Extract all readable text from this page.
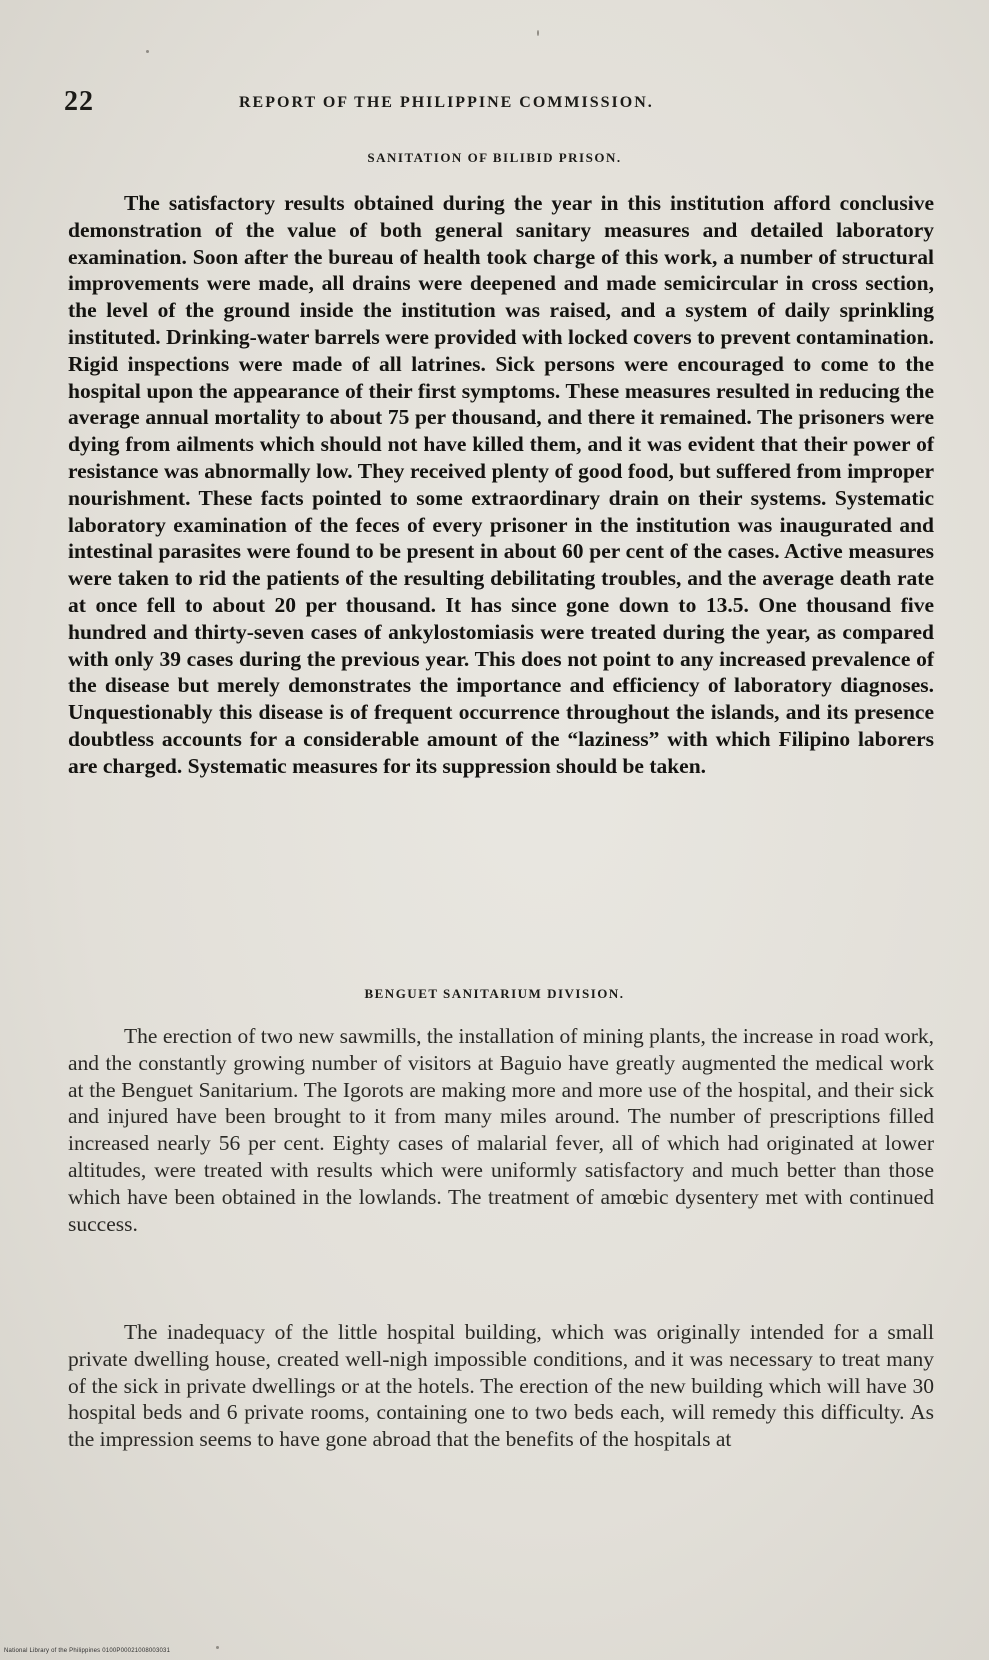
22	REPORT OF THE PHILIPPINE COMMISSION.
SANITATION OF BILIBID PRISON.

The satisfactory results obtained during the year in this institution afford conclusive demonstration of the value of both general sanitary measures and detailed laboratory examination. Soon after the bureau of health took charge of this work, a number of structural improvements were made, all drains were deepened and made semicircular in cross section, the level of the ground inside the institution was raised, and a system of daily sprinkling instituted. Drinking-water barrels were provided with locked covers to prevent contamination. Rigid inspections were made of all latrines. Sick persons were encouraged to come to the hospital upon the appearance of their first symptoms. These measures resulted in reducing the average annual mortality to about 75 per thousand, and there it remained. The prisoners were dying from ailments which should not have killed them, and it was evident that their power of resistance was abnormally low. They received plenty of good food, but suffered from improper nourishment. These facts pointed to some extraordinary drain on their systems. Systematic laboratory examination of the feces of every prisoner in the institution was inaugurated and intestinal parasites were found to be present in about 60 per cent of the cases. Active measures were taken to rid the patients of the resulting debilitating troubles, and the average death rate at once fell to about 20 per thousand. It has since gone down to 13.5. One thousand five hundred and thirty-seven cases of ankylostomiasis were treated during the year, as compared with only 39 cases during the previous year. This does not point to any increased prevalence of the disease but merely demonstrates the importance and efficiency of laboratory diagnoses. Unquestionably this disease is of frequent occurrence throughout the islands, and its presence doubtless accounts for a considerable amount of the “laziness” with which Filipino laborers are charged. Systematic measures for its suppression should be taken.

BENGUET SANITARIUM DIVISION.

The erection of two new sawmills, the installation of mining plants, the increase in road work, and the constantly growing number of visitors at Baguio have greatly augmented the medical work at the Benguet Sanitarium. The Igorots are making more and more use of the hospital, and their sick and injured have been brought to it from many miles around. The number of prescriptions filled increased nearly 56 per cent. Eighty cases of malarial fever, all of which had originated at lower altitudes, were treated with results which were uniformly satisfactory and much better than those which have been obtained in the lowlands. The treatment of amœbic dysentery met with continued success.

The inadequacy of the little hospital building, which was originally intended for a small private dwelling house, created well-nigh impossible conditions, and it was necessary to treat many of the sick in private dwellings or at the hotels. The erection of the new building which will have 30 hospital beds and 6 private rooms, containing one to two beds each, will remedy this difficulty. As the impression seems to have gone abroad that the benefits of the hospitals at

National Library of the Philippines 0100P00021008003031
